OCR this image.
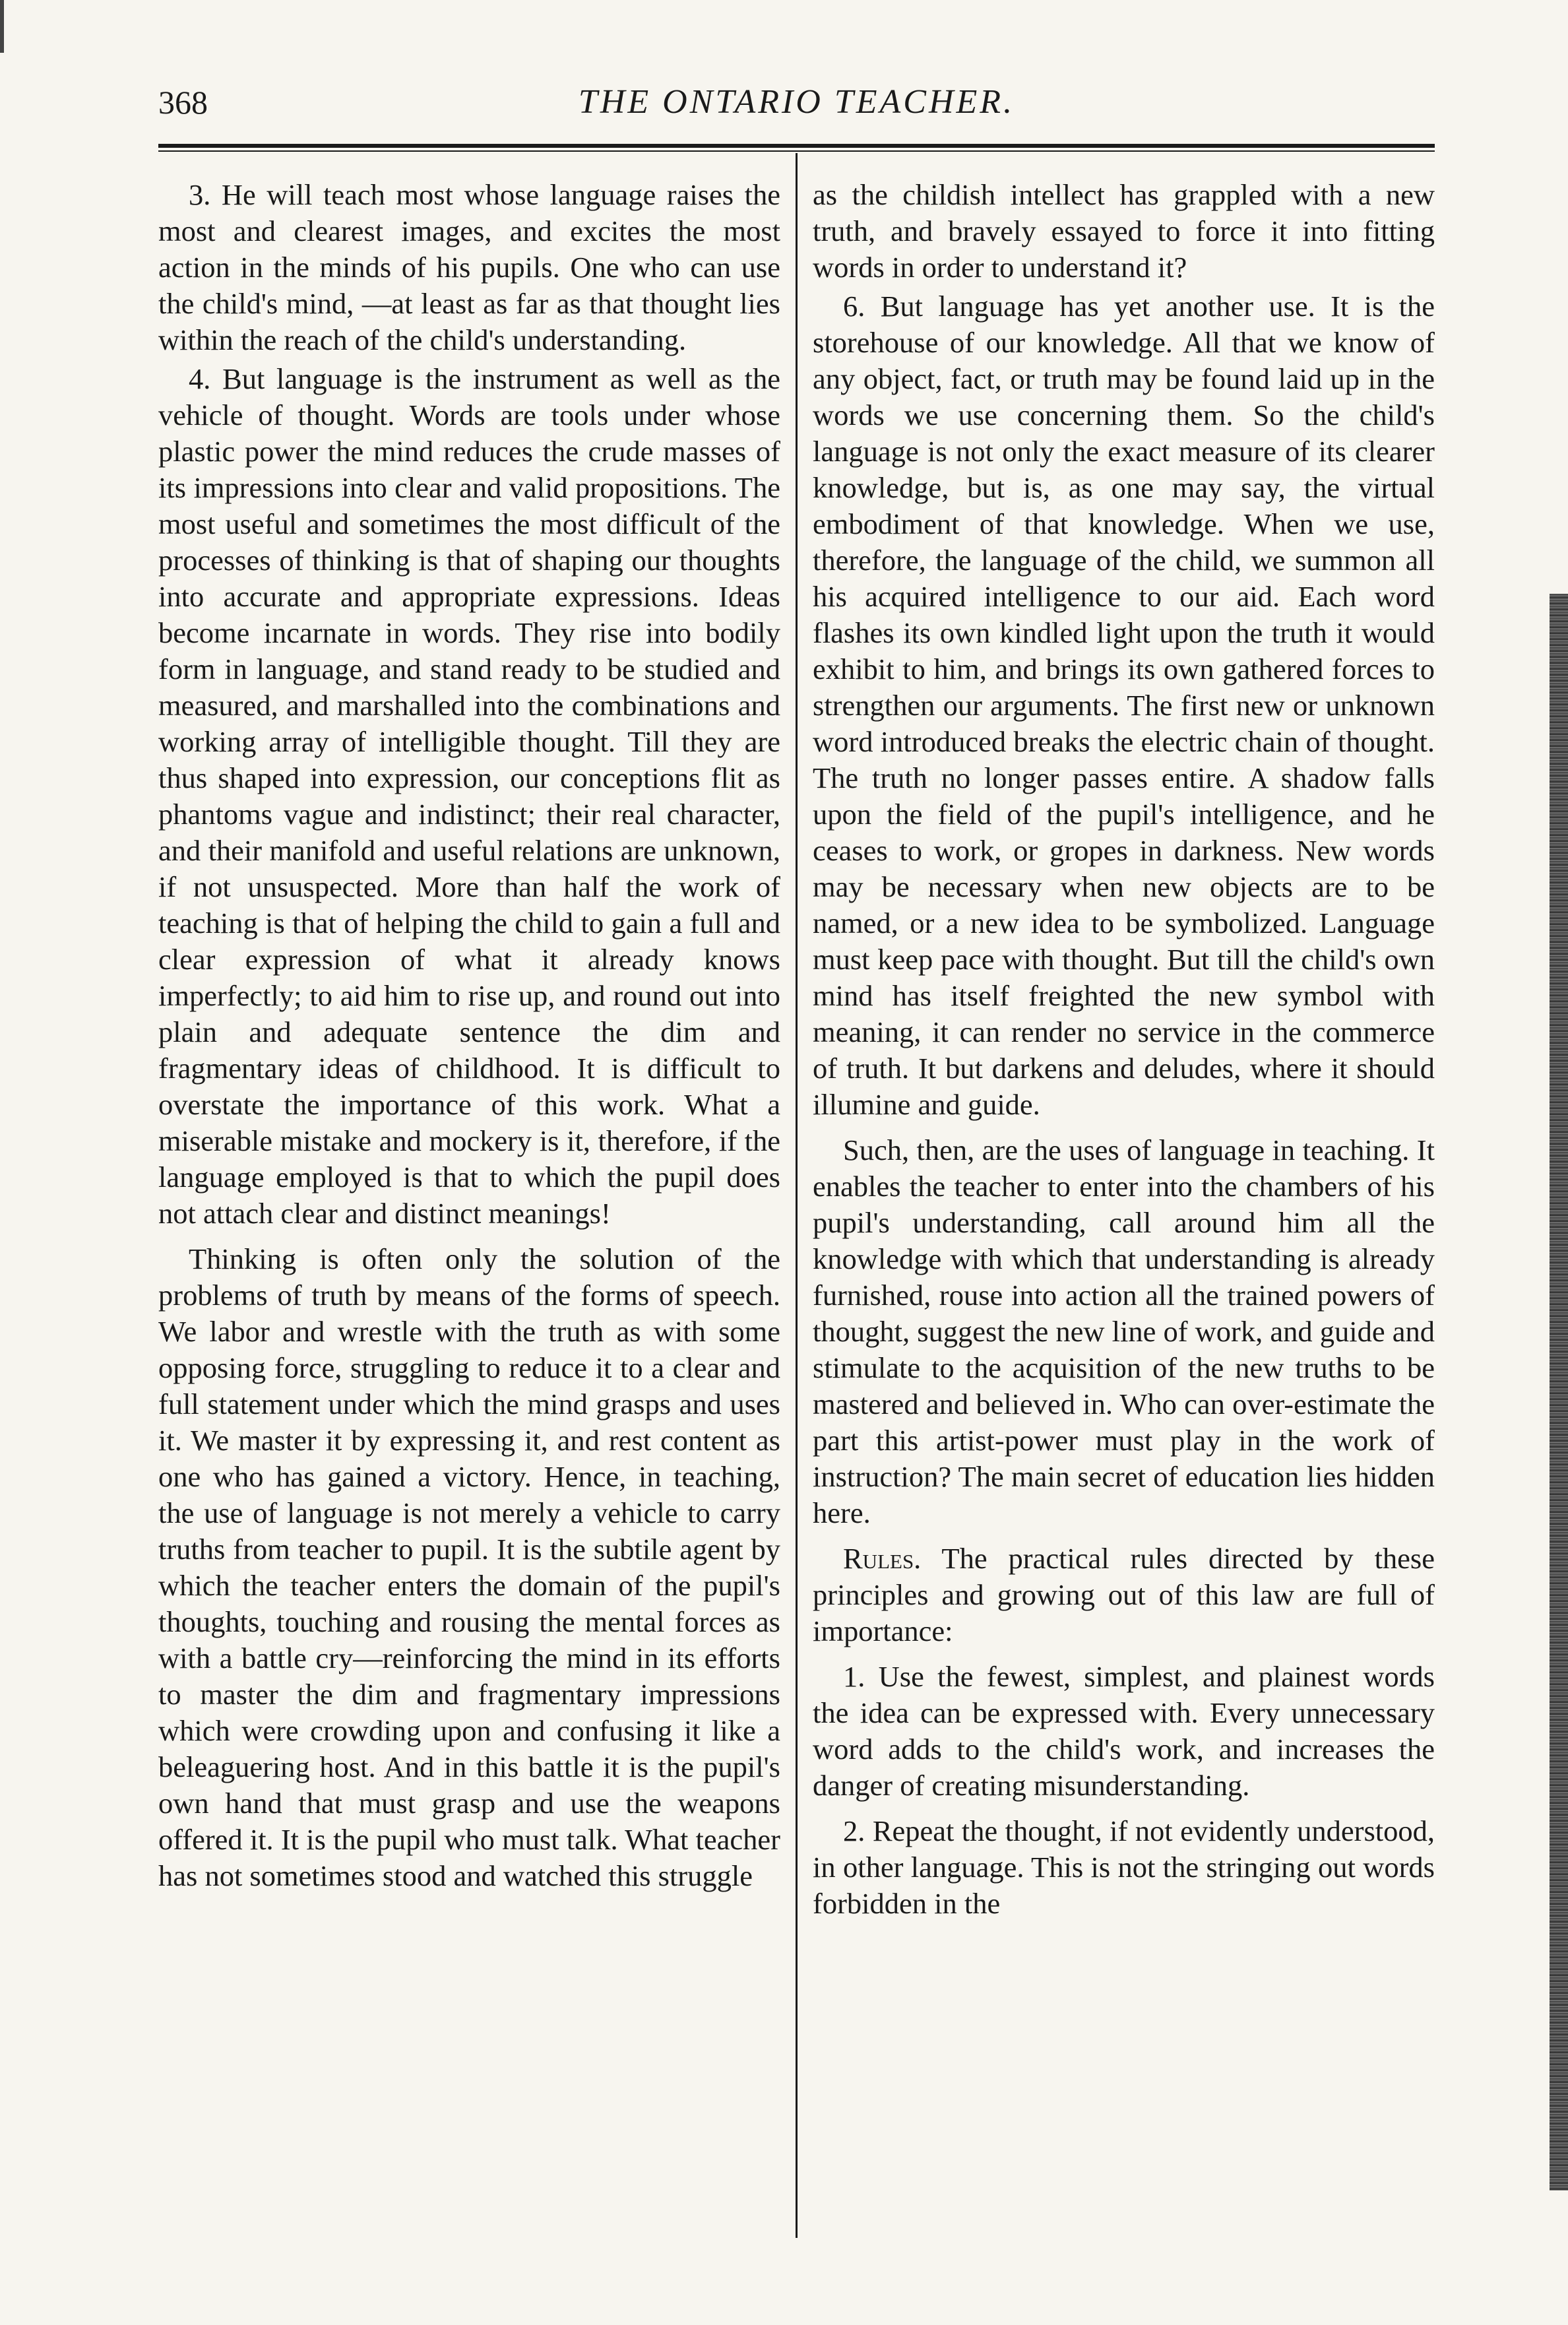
368	THE ONTARIO TEACHER.

3. He will teach most whose language raises the most and clearest images, and excites the most action in the minds of his pupils. One who can use the child's mind, —at least as far as that thought lies within the reach of the child's understanding.

4. But language is the instrument as well as the vehicle of thought. Words are tools under whose plastic power the mind reduces the crude masses of its impressions into clear and valid propositions. The most useful and sometimes the most difficult of the processes of thinking is that of shaping our thoughts into accurate and appropriate expressions. Ideas become incarnate in words. They rise into bodily form in language, and stand ready to be studied and measured, and marshalled into the combinations and working array of intelligible thought. Till they are thus shaped into expression, our conceptions flit as phantoms vague and indistinct; their real character, and their manifold and useful relations are unknown, if not unsuspected. More than half the work of teaching is that of helping the child to gain a full and clear expression of what it already knows imperfectly; to aid him to rise up, and round out into plain and adequate sentence the dim and fragmentary ideas of childhood. It is difficult to overstate the importance of this work. What a miserable mistake and mockery is it, therefore, if the language employed is that to which the pupil does not attach clear and distinct meanings!

Thinking is often only the solution of the problems of truth by means of the forms of speech. We labor and wrestle with the truth as with some opposing force, struggling to reduce it to a clear and full statement under which the mind grasps and uses it. We master it by expressing it, and rest content as one who has gained a victory. Hence, in teaching, the use of language is not merely a vehicle to carry truths from teacher to pupil. It is the subtile agent by which the teacher enters the domain of the pupil's thoughts, touching and rousing the mental forces as with a battle cry—reinforcing the mind in its efforts to master the dim and fragmentary impressions which were crowding upon and confusing it like a beleaguering host. And in this battle it is the pupil's own hand that must grasp and use the weapons offered it. It is the pupil who must talk. What teacher has not sometimes stood and watched this struggle

as the childish intellect has grappled with a new truth, and bravely essayed to force it into fitting words in order to understand it?

6. But language has yet another use. It is the storehouse of our knowledge. All that we know of any object, fact, or truth may be found laid up in the words we use concerning them. So the child's language is not only the exact measure of its clearer knowledge, but is, as one may say, the virtual embodiment of that knowledge. When we use, therefore, the language of the child, we summon all his acquired intelligence to our aid. Each word flashes its own kindled light upon the truth it would exhibit to him, and brings its own gathered forces to strengthen our arguments. The first new or unknown word introduced breaks the electric chain of thought. The truth no longer passes entire. A shadow falls upon the field of the pupil's intelligence, and he ceases to work, or gropes in darkness. New words may be necessary when new objects are to be named, or a new idea to be symbolized. Language must keep pace with thought. But till the child's own mind has itself freighted the new symbol with meaning, it can render no service in the commerce of truth. It but darkens and deludes, where it should illumine and guide.

Such, then, are the uses of language in teaching. It enables the teacher to enter into the chambers of his pupil's understanding, call around him all the knowledge with which that understanding is already furnished, rouse into action all the trained powers of thought, suggest the new line of work, and guide and stimulate to the acquisition of the new truths to be mastered and believed in. Who can over-estimate the part this artist-power must play in the work of instruction? The main secret of education lies hidden here.

Rules. The practical rules directed by these principles and growing out of this law are full of importance:

1. Use the fewest, simplest, and plainest words the idea can be expressed with. Every unnecessary word adds to the child's work, and increases the danger of creating misunderstanding.

2. Repeat the thought, if not evidently understood, in other language. This is not the stringing out words forbidden in the
